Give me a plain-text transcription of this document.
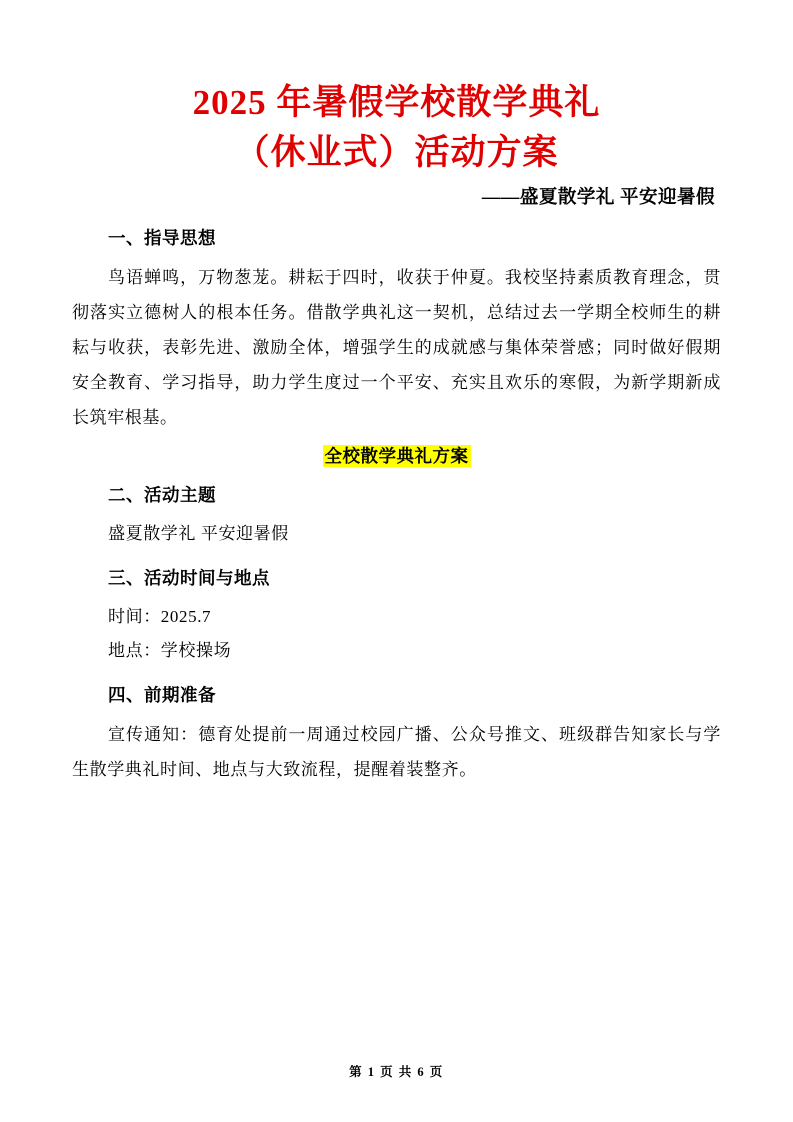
2025 年暑假学校散学典礼
（休业式）活动方案
——盛夏散学礼 平安迎暑假
一、指导思想

鸟语蝉鸣，万物葱茏。耕耘于四时，收获于仲夏。我校坚持素质教育理念，贯彻落实立德树人的根本任务。借散学典礼这一契机，总结过去一学期全校师生的耕耘与收获，表彰先进、激励全体，增强学生的成就感与集体荣誉感；同时做好假期安全教育、学习指导，助力学生度过一个平安、充实且欢乐的寒假，为新学期新成长筑牢根基。

全校散学典礼方案
二、活动主题

盛夏散学礼 平安迎暑假

三、活动时间与地点

时间：2025.7

地点：学校操场

四、前期准备

宣传通知：德育处提前一周通过校园广播、公众号推文、班级群告知家长与学生散学典礼时间、地点与大致流程，提醒着装整齐。

第 1 页 共 6 页
